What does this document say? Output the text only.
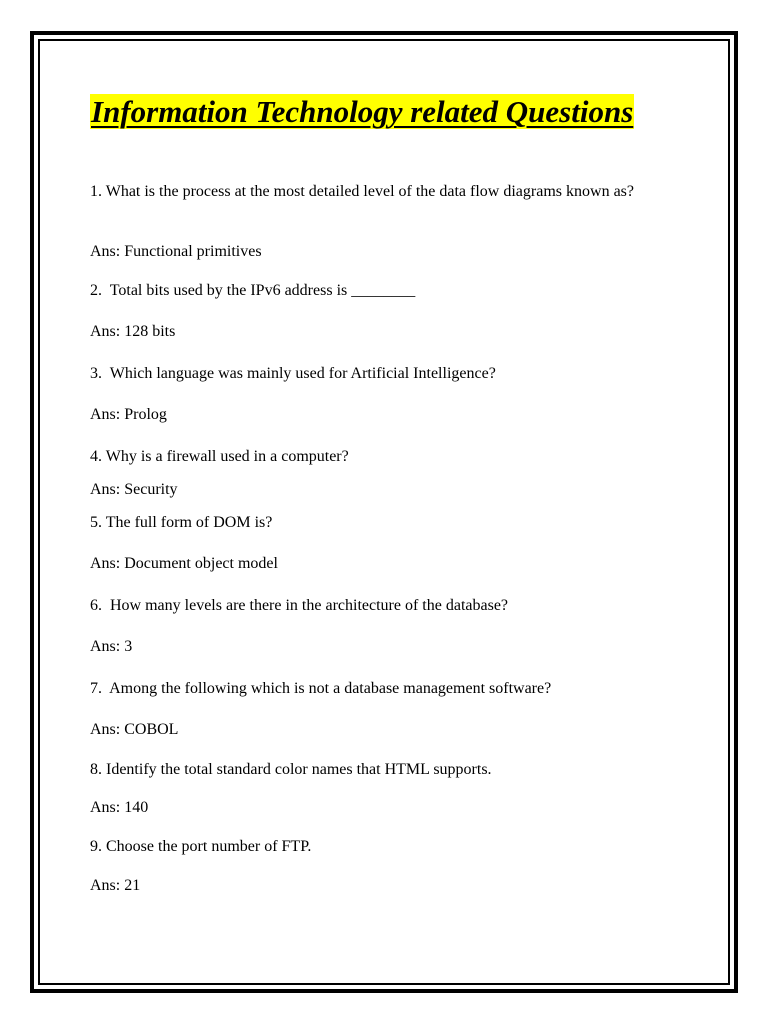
Information Technology related Questions

1. What is the process at the most detailed level of the data flow diagrams known as?

Ans: Functional primitives

2.  Total bits used by the IPv6 address is ________

Ans: 128 bits

3.  Which language was mainly used for Artificial Intelligence?

Ans: Prolog

4. Why is a firewall used in a computer?

Ans: Security

5. The full form of DOM is?

Ans: Document object model

6.  How many levels are there in the architecture of the database?

Ans: 3

7.  Among the following which is not a database management software?

Ans: COBOL

8. Identify the total standard color names that HTML supports.

Ans: 140

9. Choose the port number of FTP.

Ans: 21
